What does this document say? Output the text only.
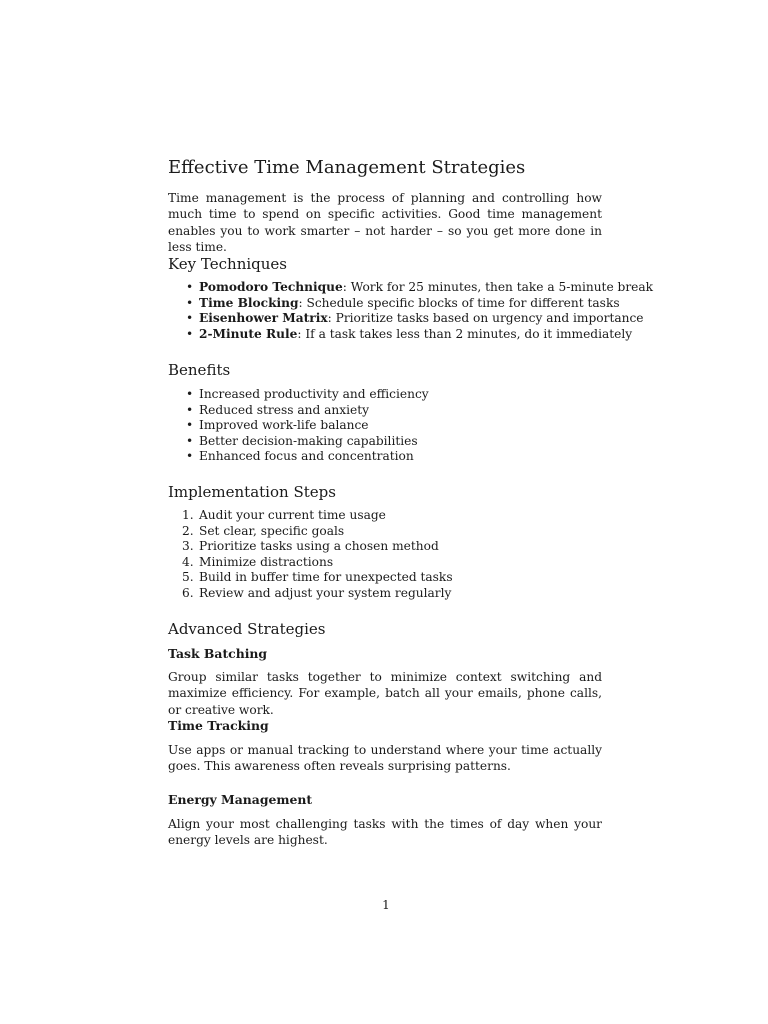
Effective Time Management Strategies

Time management is the process of planning and controlling how much time to spend on specific activities. Good time management enables you to work smarter – not harder – so you get more done in less time.

Key Techniques
• Pomodoro Technique: Work for 25 minutes, then take a 5-minute break
• Time Blocking: Schedule specific blocks of time for different tasks
• Eisenhower Matrix: Prioritize tasks based on urgency and importance
• 2-Minute Rule: If a task takes less than 2 minutes, do it immediately
Benefits
• Increased productivity and efficiency
• Reduced stress and anxiety
• Improved work-life balance
• Better decision-making capabilities
• Enhanced focus and concentration
Implementation Steps
1. Audit your current time usage
2. Set clear, specific goals
3. Prioritize tasks using a chosen method
4. Minimize distractions
5. Build in buffer time for unexpected tasks
6. Review and adjust your system regularly
Advanced Strategies
Task Batching

Group similar tasks together to minimize context switching and maximize efficiency. For example, batch all your emails, phone calls, or creative work.

Time Tracking

Use apps or manual tracking to understand where your time actually goes. This awareness often reveals surprising patterns.

Energy Management

Align your most challenging tasks with the times of day when your energy levels are highest.

1
